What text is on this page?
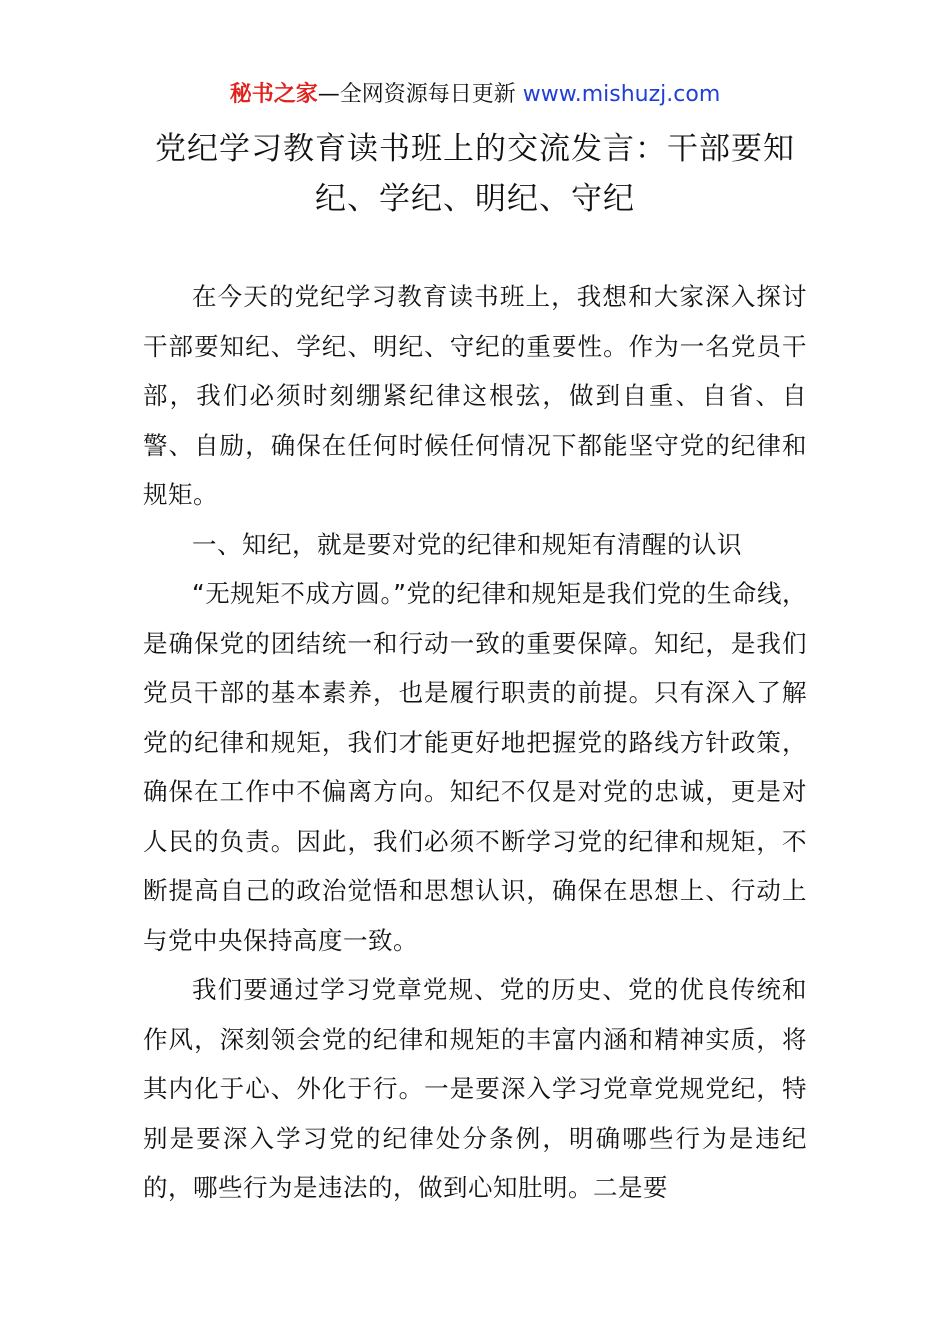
秘书之家—全网资源每日更新 www.mishuzj.com
党纪学习教育读书班上的交流发言：干部要知纪、学纪、明纪、守纪

在今天的党纪学习教育读书班上，我想和大家深入探讨干部要知纪、学纪、明纪、守纪的重要性。作为一名党员干部，我们必须时刻绷紧纪律这根弦，做到自重、自省、自警、自励，确保在任何时候任何情况下都能坚守党的纪律和规矩。

一、知纪，就是要对党的纪律和规矩有清醒的认识

“无规矩不成方圆。”党的纪律和规矩是我们党的生命线，是确保党的团结统一和行动一致的重要保障。知纪，是我们党员干部的基本素养，也是履行职责的前提。只有深入了解党的纪律和规矩，我们才能更好地把握党的路线方针政策，确保在工作中不偏离方向。知纪不仅是对党的忠诚，更是对人民的负责。因此，我们必须不断学习党的纪律和规矩，不断提高自己的政治觉悟和思想认识，确保在思想上、行动上与党中央保持高度一致。

我们要通过学习党章党规、党的历史、党的优良传统和作风，深刻领会党的纪律和规矩的丰富内涵和精神实质，将其内化于心、外化于行。一是要深入学习党章党规党纪，特别是要深入学习党的纪律处分条例，明确哪些行为是违纪的，哪些行为是违法的，做到心知肚明。二是要
